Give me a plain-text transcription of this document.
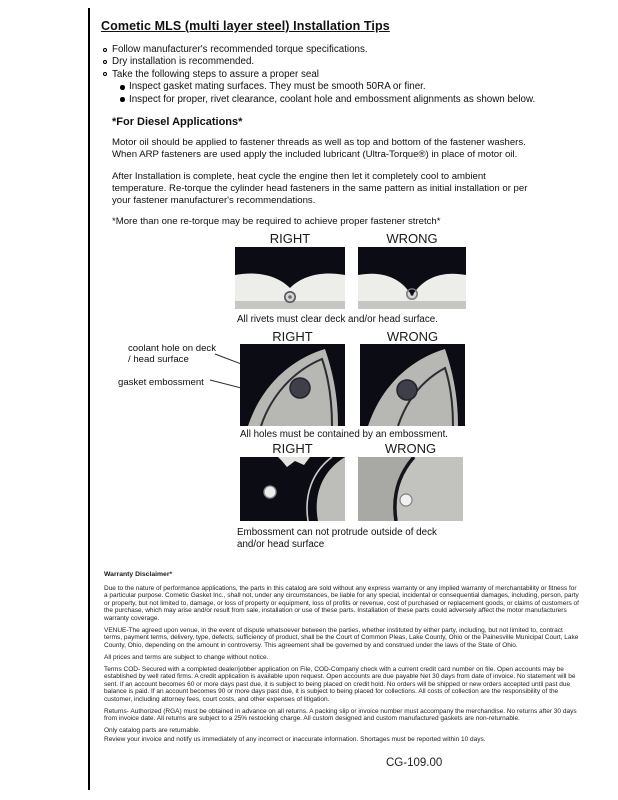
Cometic MLS (multi layer steel) Installation Tips
Follow manufacturer's recommended torque specifications.
Dry installation is recommended.
Take the following steps to assure a proper seal
Inspect gasket mating surfaces. They must be smooth 50RA or finer.
Inspect for proper, rivet clearance, coolant hole and embossment alignments as shown below.
*For Diesel Applications*

Motor oil should be applied to fastener threads as well as top and bottom of the fastener washers. When ARP fasteners are used apply the included lubricant (Ultra-Torque®) in place of motor oil.

After Installation is complete, heat cycle the engine then let it completely cool to ambient temperature. Re-torque the cylinder head fasteners in the same pattern as initial installation or per your fastener manufacturer's recommendations.

*More than one re-torque may be required to achieve proper fastener stretch*
RIGHT	WRONG
All rivets must clear deck and/or head surface.
RIGHT	WRONG
coolant hole on deck / head surface
gasket embossment
All holes must be contained by an embossment.
RIGHT	WRONG
Embossment can not protrude outside of deck and/or head surface
Warranty Disclaimer*

Due to the nature of performance applications, the parts in this catalog are sold without any express warranty or any implied warranty of merchantability or fitness for a particular purpose. Cometic Gasket Inc., shall not, under any circumstances, be liable for any special, incidental or consequential damages, including, person, party or property, but not limited to, damage, or loss of property or equipment, loss of profits or revenue, cost of purchased or replacement goods, or claims of customers of the purchase, which may arise and/or result from sale, installation or use of these parts. Installation of these parts could adversely affect the motor manufacturers warranty coverage.

VENUE-The agreed upon venue, in the event of dispute whatsoever between the parties, whether instituted by either party, including, but not limited to, contract terms, payment terms, delivery, type, defects, sufficiency of product, shall be the Court of Common Pleas, Lake County, Ohio or the Painesville Municipal Court, Lake County, Ohio, depending on the amount in controversy. This agreement shall be governed by and construed under the laws of the State of Ohio.

All prices and terms are subject to change without notice.

Terms COD- Secured with a completed dealer/jobber application on File, COD-Company check with a current credit card number on file. Open accounts may be established by well rated firms. A credit application is available upon request. Open accounts are due payable Net 30 days from date of invoice. No statement will be sent. If an account becomes 60 or more days past due, it is subject to being placed on credit hold. No orders will be shipped or new orders accepted until past due balance is paid. If an account becomes 90 or more days past due, it is subject to being placed for collections. All costs of collection are the responsibility of the customer, including attorney fees, court costs, and other expenses of litigation.

Returns- Authorized (RGA) must be obtained in advance on all returns. A packing slip or invoice number must accompany the merchandise. No returns after 30 days from invoice date. All returns are subject to a 25% restocking charge. All custom designed and custom manufactured gaskets are non-returnable.

Only catalog parts are returnable.

Review your invoice and notify us immediately of any incorrect or inaccurate information. Shortages must be reported within 10 days.

CG-109.00
